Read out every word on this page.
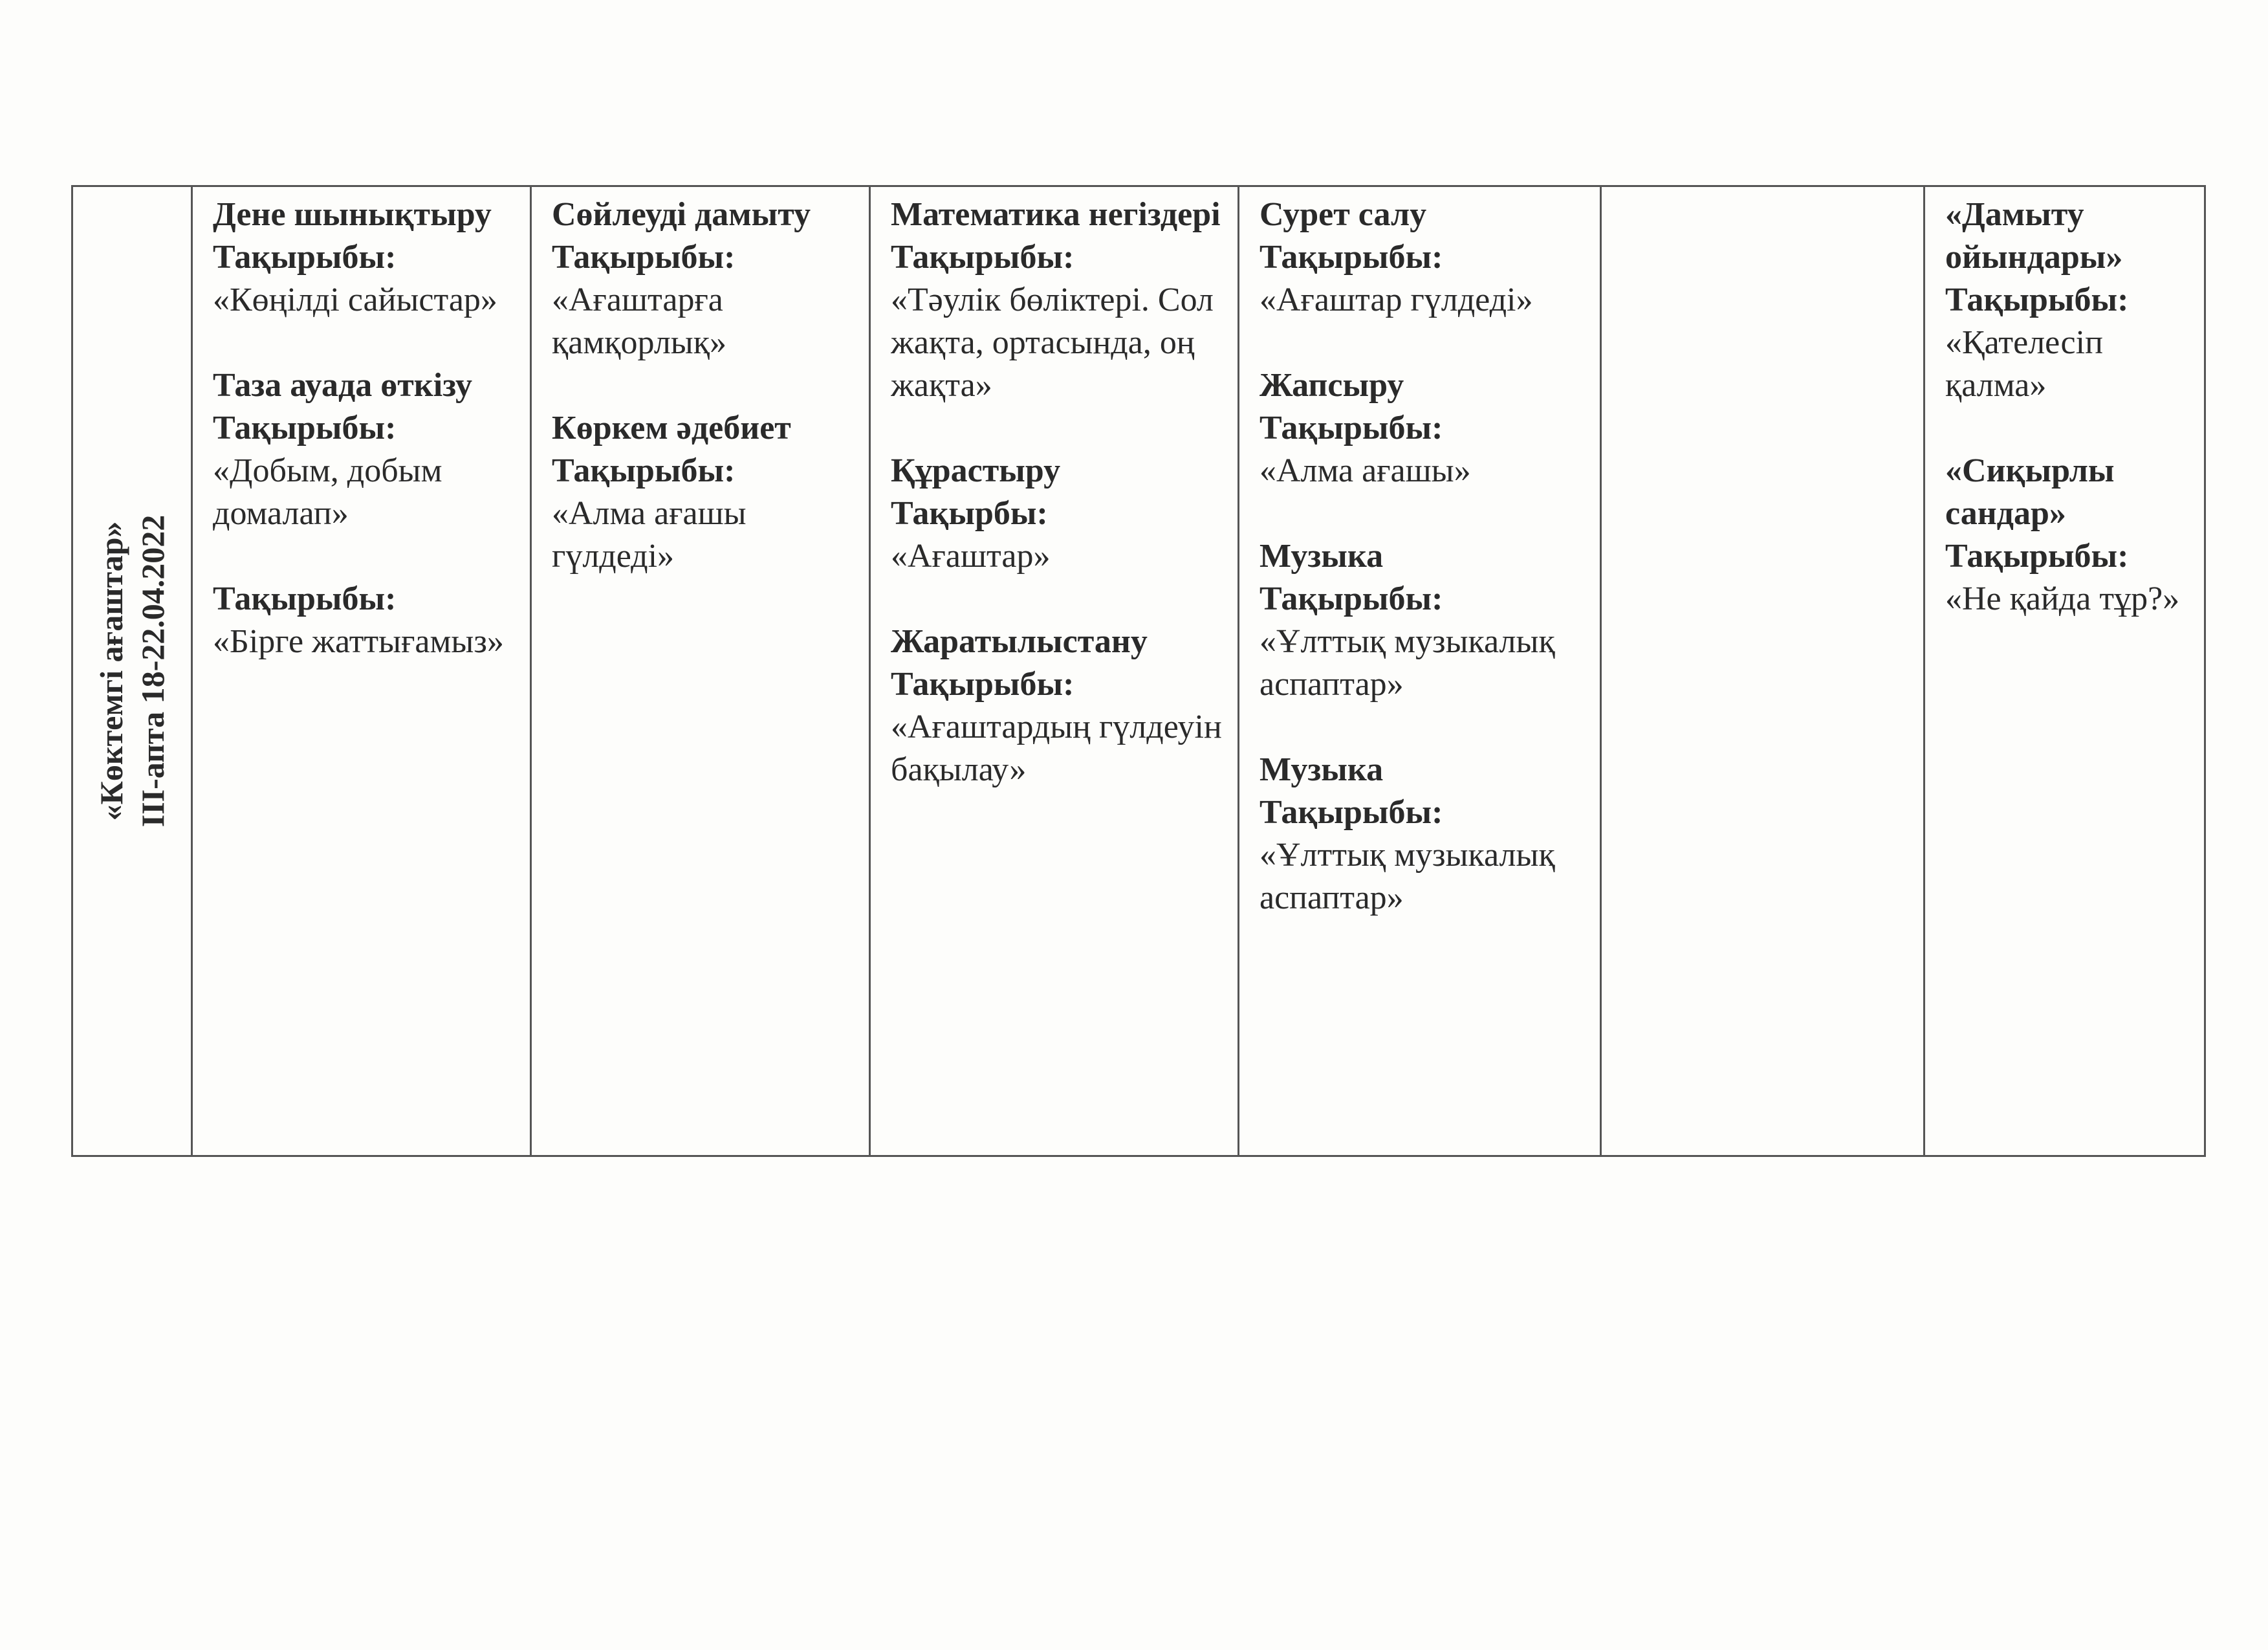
«Көктемгі ағаштар» III-апта 18-22.04.2022

Дене шынықтыру

Тақырыбы:

«Көңілді сайыстар»

Таза ауада өткізу

Тақырыбы:

«Добым, добым домалап»

Тақырыбы:

«Бірге жаттығамыз»

Сөйлеуді дамыту

Тақырыбы:

«Ағаштарға қамқорлық»

Көркем әдебиет

Тақырыбы:

«Алма ағашы гүлдеді»

Математика негіздері

Тақырыбы:

«Тәулік бөліктері. Сол жақта, ортасында, оң жақта»

Құрастыру

Тақырбы:

«Ағаштар»

Жаратылыстану

Тақырыбы:

«Ағаштардың гүлдеуін бақылау»

Сурет салу

Тақырыбы:

«Ағаштар гүлдеді»

Жапсыру

Тақырыбы:

«Алма ағашы»

Музыка

Тақырыбы:

«Ұлттық музыкалық аспаптар»

Музыка

Тақырыбы:

«Ұлттық музыкалық аспаптар»

«Дамыту ойындары»

Тақырыбы:

«Қателесіп қалма»

«Сиқырлы сандар»

Тақырыбы:

«Не қайда тұр?»
